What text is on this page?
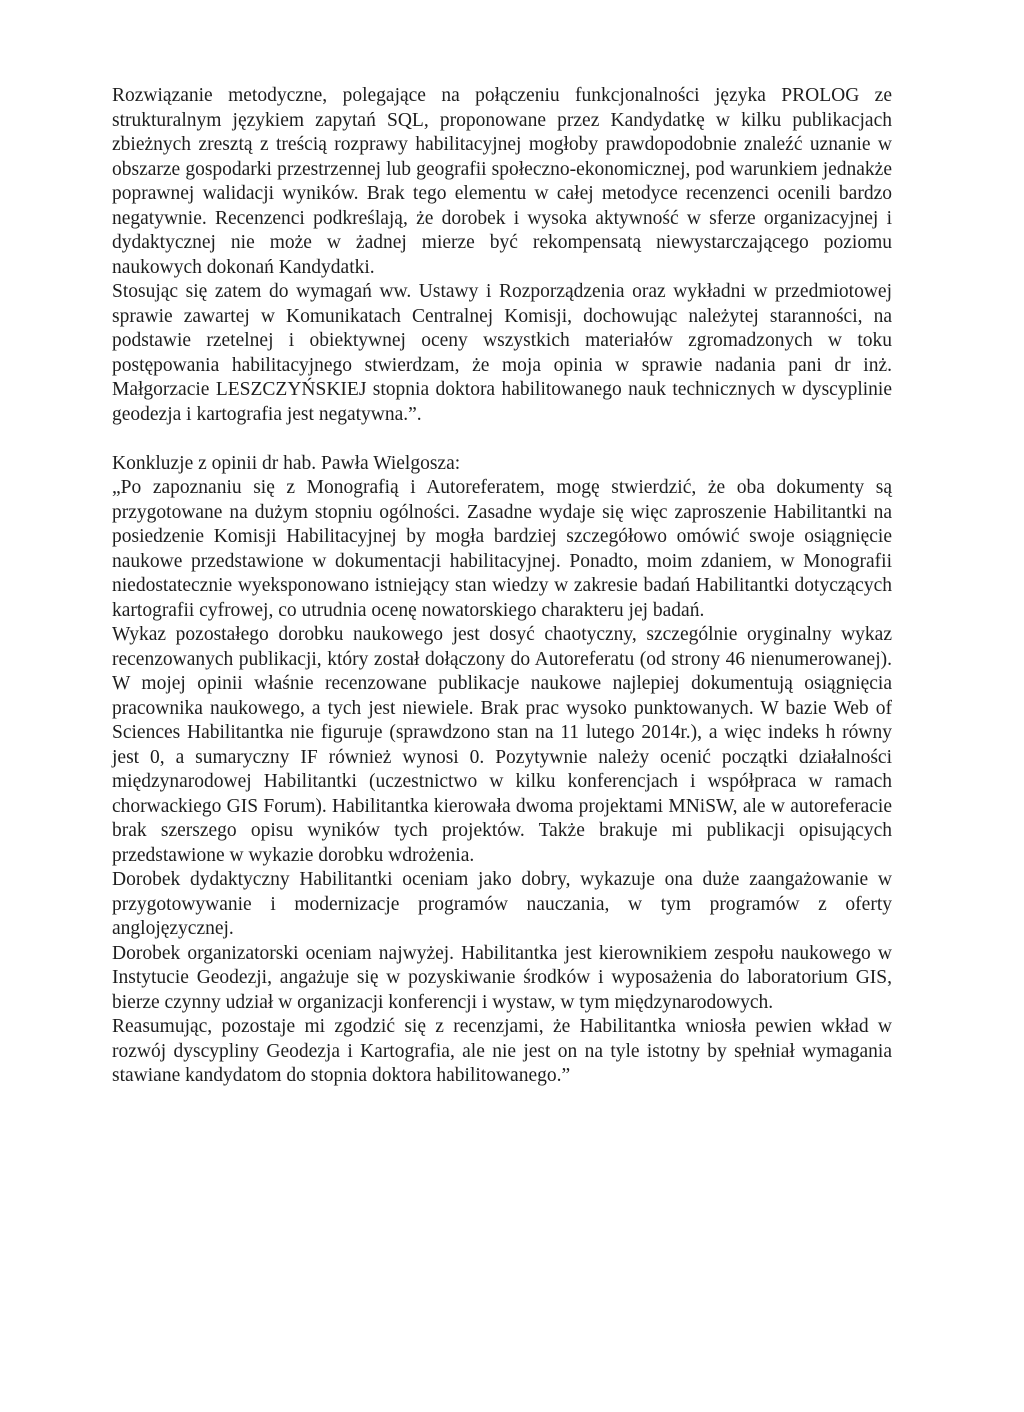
Rozwiązanie metodyczne, polegające na połączeniu funkcjonalności języka PROLOG ze strukturalnym językiem zapytań SQL, proponowane przez Kandydatkę w kilku publikacjach zbieżnych zresztą z treścią rozprawy habilitacyjnej mogłoby prawdopodobnie znaleźć uznanie w obszarze gospodarki przestrzennej lub geografii społeczno-ekonomicznej, pod warunkiem jednakże poprawnej walidacji wyników. Brak tego elementu w całej metodyce recenzenci ocenili bardzo negatywnie. Recenzenci podkreślają, że dorobek i wysoka aktywność w sferze organizacyjnej i dydaktycznej nie może w żadnej mierze być rekompensatą niewystarczającego poziomu naukowych dokonań Kandydatki.

Stosując się zatem do wymagań ww. Ustawy i Rozporządzenia oraz wykładni w przedmiotowej sprawie zawartej w Komunikatach Centralnej Komisji, dochowując należytej staranności, na podstawie rzetelnej i obiektywnej oceny wszystkich materiałów zgromadzonych w toku postępowania habilitacyjnego stwierdzam, że moja opinia w sprawie nadania pani dr inż. Małgorzacie LESZCZYŃSKIEJ stopnia doktora habilitowanego nauk technicznych w dyscyplinie geodezja i kartografia jest negatywna.”.

Konkluzje z opinii dr hab. Pawła Wielgosza:

„Po zapoznaniu się z Monografią i Autoreferatem, mogę stwierdzić, że oba dokumenty są przygotowane na dużym stopniu ogólności. Zasadne wydaje się więc zaproszenie Habilitantki na posiedzenie Komisji Habilitacyjnej by mogła bardziej szczegółowo omówić swoje osiągnięcie naukowe przedstawione w dokumentacji habilitacyjnej. Ponadto, moim zdaniem, w Monografii niedostatecznie wyeksponowano istniejący stan wiedzy w zakresie badań Habilitantki dotyczących kartografii cyfrowej, co utrudnia ocenę nowatorskiego charakteru jej badań.

Wykaz pozostałego dorobku naukowego jest dosyć chaotyczny, szczególnie oryginalny wykaz recenzowanych publikacji, który został dołączony do Autoreferatu (od strony 46 nienumerowanej). W mojej opinii właśnie recenzowane publikacje naukowe najlepiej dokumentują osiągnięcia pracownika naukowego, a tych jest niewiele. Brak prac wysoko punktowanych. W bazie Web of Sciences Habilitantka nie figuruje (sprawdzono stan na 11 lutego 2014r.), a więc indeks h równy jest 0, a sumaryczny IF również wynosi 0. Pozytywnie należy ocenić początki działalności międzynarodowej Habilitantki (uczestnictwo w kilku konferencjach i współpraca w ramach chorwackiego GIS Forum). Habilitantka kierowała dwoma projektami MNiSW, ale w autoreferacie brak szerszego opisu wyników tych projektów. Także brakuje mi publikacji opisujących przedstawione w wykazie dorobku wdrożenia.

Dorobek dydaktyczny Habilitantki oceniam jako dobry, wykazuje ona duże zaangażowanie w przygotowywanie i modernizacje programów nauczania, w tym programów z oferty anglojęzycznej.

Dorobek organizatorski oceniam najwyżej. Habilitantka jest kierownikiem zespołu naukowego w Instytucie Geodezji, angażuje się w pozyskiwanie środków i wyposażenia do laboratorium GIS, bierze czynny udział w organizacji konferencji i wystaw, w tym międzynarodowych.

Reasumując, pozostaje mi zgodzić się z recenzjami, że Habilitantka wniosła pewien wkład w rozwój dyscypliny Geodezja i Kartografia, ale nie jest on na tyle istotny by spełniał wymagania stawiane kandydatom do stopnia doktora habilitowanego.”
